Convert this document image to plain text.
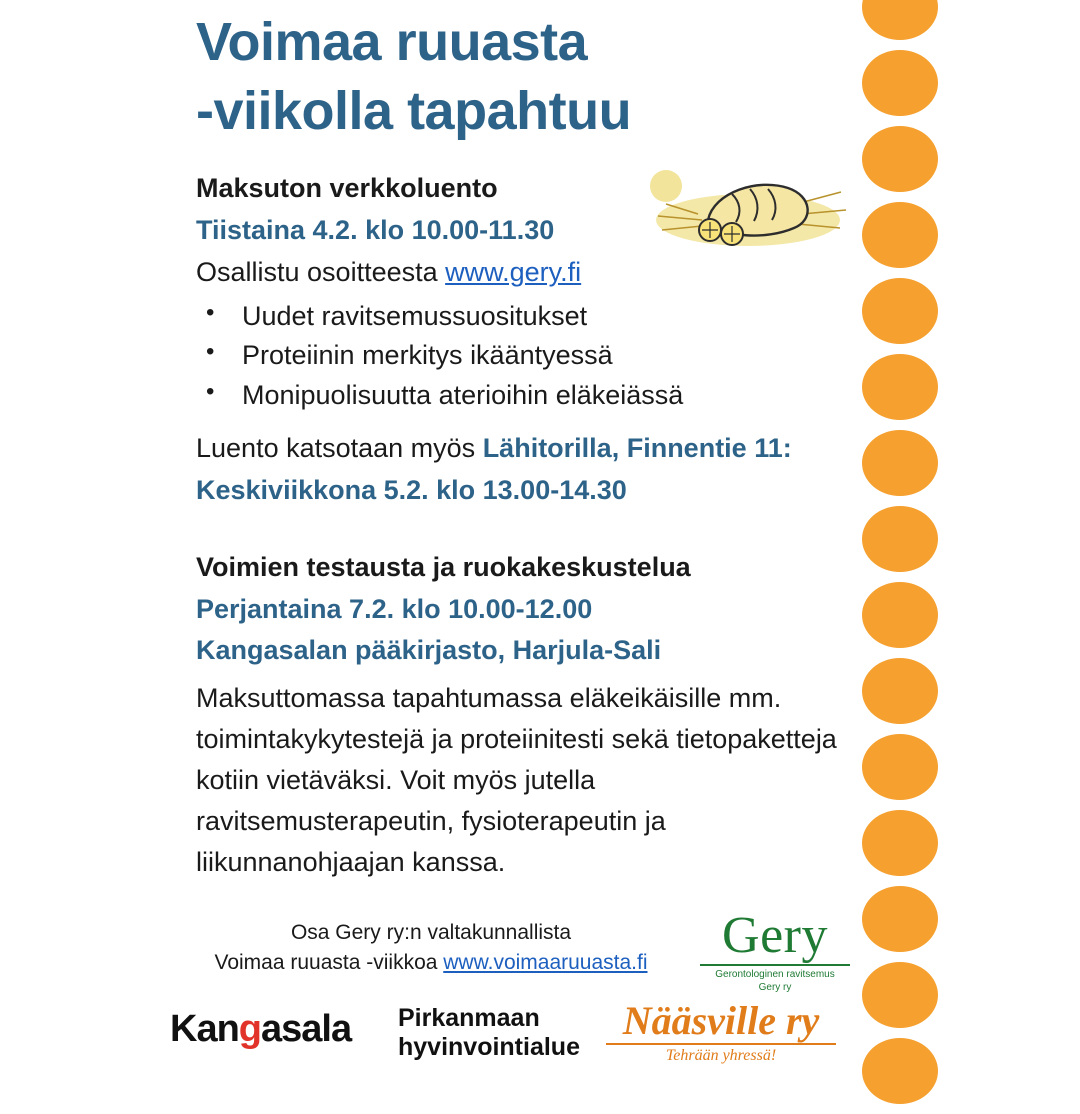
Voimaa ruuasta
-viikolla tapahtuu

Maksuton verkkoluento

Tiistaina 4.2. klo 10.00-11.30

Osallistu osoitteesta www.gery.fi

• Uudet ravitsemussuositukset
• Proteiinin merkitys ikääntyessä
• Monipuolisuutta aterioihin eläkeiässä

Luento katsotaan myös Lähitorilla, Finnentie 11:

Keskiviikkona 5.2. klo 13.00-14.30

Voimien testausta ja ruokakeskustelua

Perjantaina 7.2. klo 10.00-12.00

Kangasalan pääkirjasto, Harjula-Sali

Maksuttomassa tapahtumassa eläkeikäisille mm. toimintakykytestejä ja proteiinitesti sekä tietopaketteja kotiin vietäväksi. Voit myös jutella ravitsemusterapeutin, fysioterapeutin ja liikunnanohjaajan kanssa.

Osa Gery ry:n valtakunnallista
Voimaa ruuasta -viikkoa www.voimaaruuasta.fi	Gery
Gerontologinen ravitsemus
Gery ry
Kangasala Pirkanmaan
hyvinvointialue
Nääsville ry
Tehrään yhressä!
